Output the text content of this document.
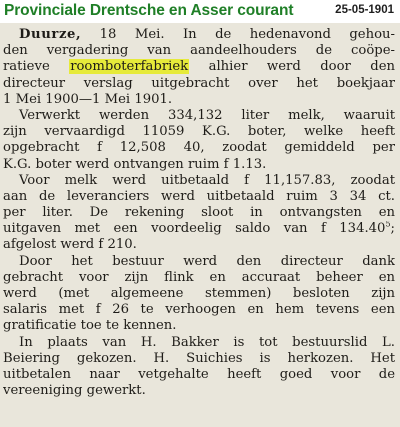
Provinciale Drentsche en Asser courant	25-05-1901
Duurze, 18 Mei. In de hedenavond gehou-
den vergadering van aandeelhouders de coöpe-
ratieve roomboterfabriek alhier werd door den
directeur verslag uitgebracht over het boekjaar
1 Mei 1900—1 Mei 1901.
Verwerkt werden 334,132 liter melk, waaruit
zijn vervaardigd 11059 K.G. boter, welke heeft
opgebracht f 12,508 40, zoodat gemiddeld per
K.G. boter werd ontvangen ruim f 1.13.
Voor melk werd uitbetaald f 11,157.83, zoodat
aan de leveranciers werd uitbetaald ruim 3 34 ct.
per liter. De rekening sloot in ontvangsten en
uitgaven met een voordeelig saldo van f 134.40$^5$;
afgelost werd f 210.
Door het bestuur werd den directeur dank
gebracht voor zijn flink en accuraat beheer en
werd (met algemeene stemmen) besloten zijn
salaris met f 26 te verhoogen en hem tevens een
gratificatie toe te kennen.
In plaats van H. Bakker is tot bestuurslid L.
Beiering gekozen. H. Suichies is herkozen. Het
uitbetalen naar vetgehalte heeft goed voor de
vereeniging gewerkt.
